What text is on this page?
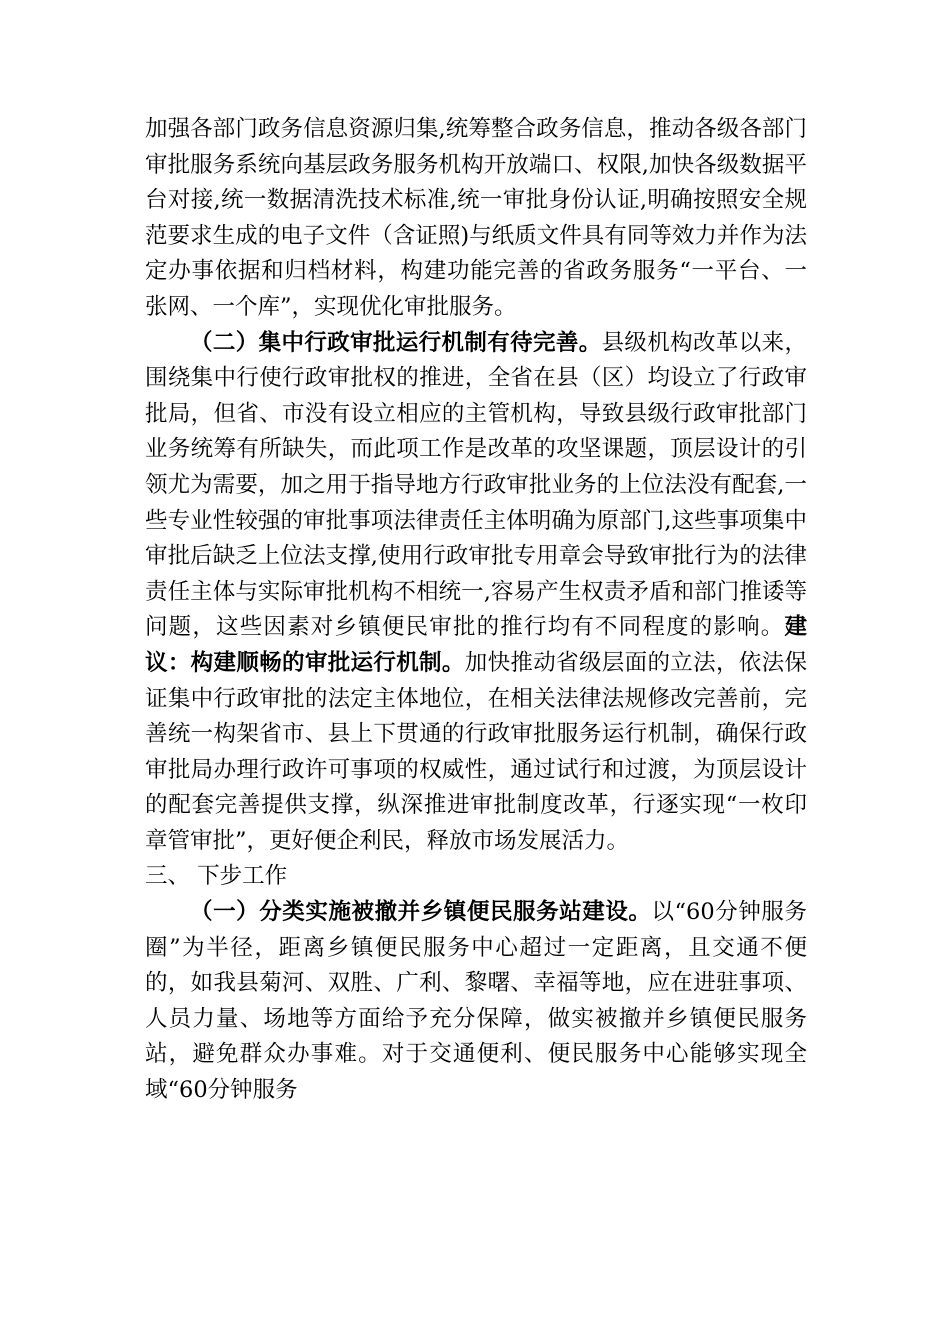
加强各部门政务信息资源归集,统筹整合政务信息，推动各级各部门审批服务系统向基层政务服务机构开放端口、权限,加快各级数据平台对接,统一数据清洗技术标准,统一审批身份认证,明确按照安全规范要求生成的电子文件（含证照)与纸质文件具有同等效力并作为法定办事依据和归档材料，构建功能完善的省政务服务“一平台、一张网、一个库”，实现优化审批服务。

（二）集中行政审批运行机制有待完善。县级机构改革以来，围绕集中行使行政审批权的推进，全省在县（区）均设立了行政审批局，但省、市没有设立相应的主管机构，导致县级行政审批部门业务统筹有所缺失，而此项工作是改革的攻坚课题，顶层设计的引领尤为需要，加之用于指导地方行政审批业务的上位法没有配套,一些专业性较强的审批事项法律责任主体明确为原部门,这些事项集中审批后缺乏上位法支撑,使用行政审批专用章会导致审批行为的法律责任主体与实际审批机构不相统一,容易产生权责矛盾和部门推诿等问题，这些因素对乡镇便民审批的推行均有不同程度的影响。建议：构建顺畅的审批运行机制。加快推动省级层面的立法，依法保证集中行政审批的法定主体地位，在相关法律法规修改完善前，完善统一构架省市、县上下贯通的行政审批服务运行机制，确保行政审批局办理行政许可事项的权威性，通过试行和过渡，为顶层设计的配套完善提供支撑，纵深推进审批制度改革，行逐实现“一枚印章管审批”，更好便企利民，释放市场发展活力。

三、 下步工作

（一）分类实施被撤并乡镇便民服务站建设。以“60分钟服务圈”为半径，距离乡镇便民服务中心超过一定距离，且交通不便的，如我县菊河、双胜、广利、黎曙、幸福等地，应在进驻事项、人员力量、场地等方面给予充分保障，做实被撤并乡镇便民服务站，避免群众办事难。对于交通便利、便民服务中心能够实现全域“60分钟服务
